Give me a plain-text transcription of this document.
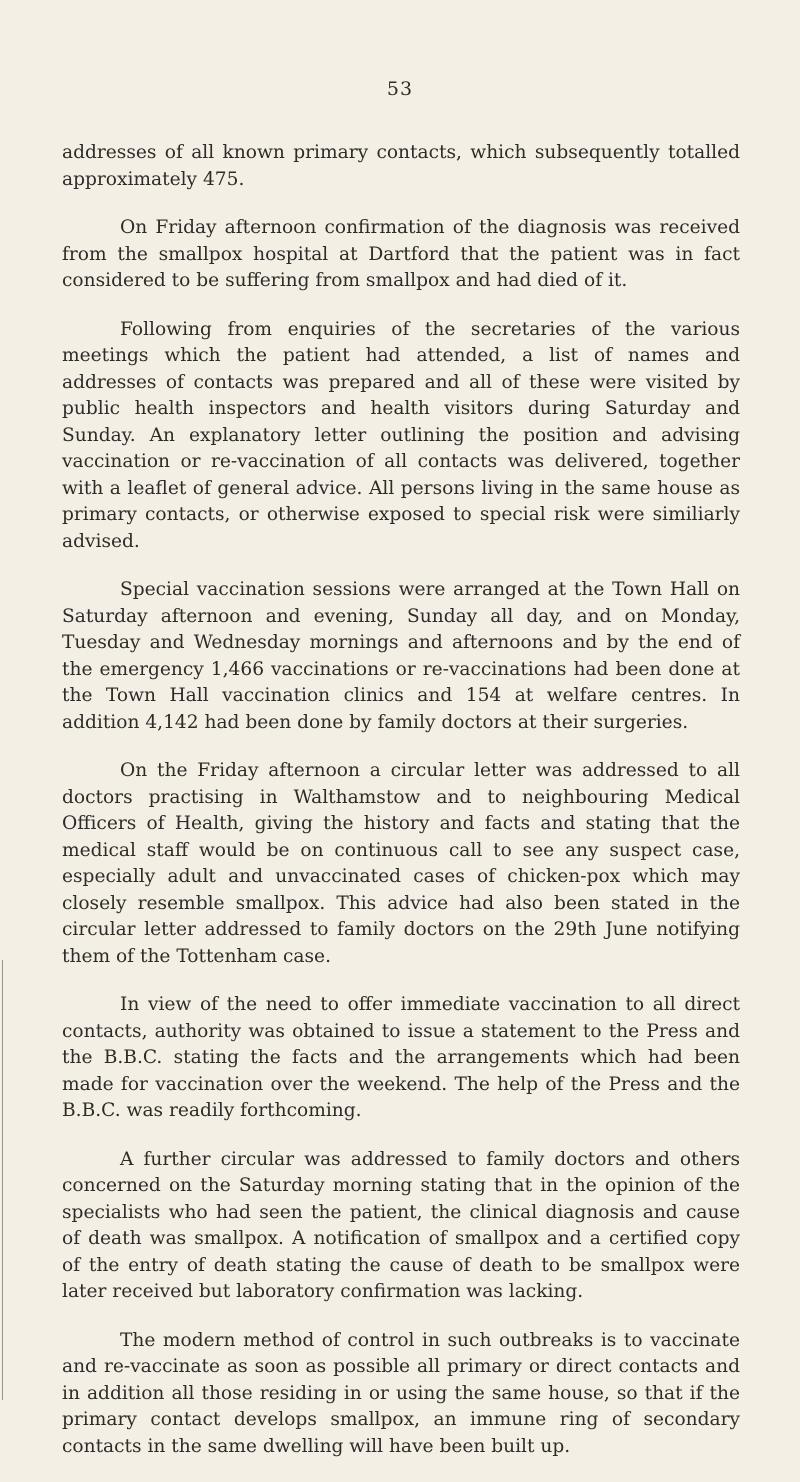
53

addresses of all known primary contacts, which subsequently totalled approximately 475.

On Friday afternoon confirmation of the diagnosis was received from the smallpox hospital at Dartford that the patient was in fact considered to be suffering from smallpox and had died of it.

Following from enquiries of the secretaries of the various meetings which the patient had attended, a list of names and addresses of contacts was prepared and all of these were visited by public health inspectors and health visitors during Saturday and Sunday. An explanatory letter outlining the position and advising vaccination or re-vaccination of all contacts was delivered, together with a leaflet of general advice. All persons living in the same house as primary contacts, or otherwise exposed to special risk were similiarly advised.

Special vaccination sessions were arranged at the Town Hall on Saturday afternoon and evening, Sunday all day, and on Monday, Tuesday and Wednesday mornings and afternoons and by the end of the emergency 1,466 vaccinations or re-vaccinations had been done at the Town Hall vaccination clinics and 154 at welfare centres. In addition 4,142 had been done by family doctors at their surgeries.

On the Friday afternoon a circular letter was addressed to all doctors practising in Walthamstow and to neighbouring Medical Officers of Health, giving the history and facts and stating that the medical staff would be on continuous call to see any suspect case, especially adult and unvaccinated cases of chicken-pox which may closely resemble smallpox. This advice had also been stated in the circular letter addressed to family doctors on the 29th June notifying them of the Tottenham case.

In view of the need to offer immediate vaccination to all direct contacts, authority was obtained to issue a statement to the Press and the B.B.C. stating the facts and the arrangements which had been made for vaccination over the weekend. The help of the Press and the B.B.C. was readily forthcoming.

A further circular was addressed to family doctors and others concerned on the Saturday morning stating that in the opinion of the specialists who had seen the patient, the clinical diagnosis and cause of death was smallpox. A notification of smallpox and a certified copy of the entry of death stating the cause of death to be smallpox were later received but laboratory confirmation was lacking.

The modern method of control in such outbreaks is to vaccinate and re-vaccinate as soon as possible all primary or direct contacts and in addition all those residing in or using the same house, so that if the primary contact develops smallpox, an immune ring of secondary contacts in the same dwelling will have been built up.
